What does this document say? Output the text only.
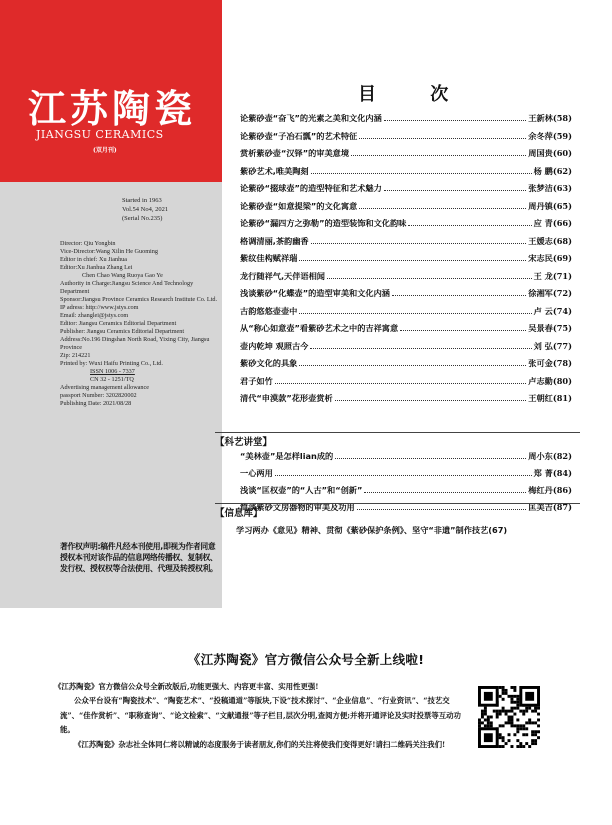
江苏陶瓷
JIANGSU CERAMICS
(双月刊)
Started in 1963
Vol.54 No4, 2021
(Serial No.235)
Director: Qiu Yongbin
Vice-Director:Wang Xilin He Guoming
Editor in chief: Xu Jianhua
Editor:Xu Jianhua Zhang Lei
Chen Chao Wang Ruoya Gao Ye
Authority in Charge:Jiangsu Science And Technology Department
Sponsor:Jiangsu Province Ceramics Research Institute Co. Ltd.
IP adress: http://www.jstys.com
Email: zhanglei@jstys.com
Editor: Jiangsu Ceramics Editorial Department
Publisher: Jiangsu Ceramics Editorial Department
Address:No.196 Dingshan North Road, Yixing City, Jiangsu Province
Zip: 214221
Printed by: Wuxi Haifu Printing Co., Ltd.
ISSN 1006 - 7337
CN 32 - 1251/TQ
Advertising management allowance
passport Number: 3202820002
Publishing Date: 2021/08/28
著作权声明:稿件凡经本刊使用,即视为作者同意授权本刊对该作品的信息网络传播权、复制权、发行权、授权权等合法使用、代理及转授权利。
目 次
论紫砂壶“奋飞”的光素之美和文化内涵	王新林 (58)
论紫砂壶“子冶石瓢”的艺术特征	余冬萍 (59)
赏析紫砂壶“汉铎”的审美意境	周国贵 (60)
紫砂艺术,唯美陶刻	杨 鹏 (62)
论紫砂“掇球壶”的造型特征和艺术魅力	张梦洁 (63)
论紫砂壶“如意提梁”的文化寓意	周丹镇 (65)
论紫砂“漏四方之弥勒”的造型装饰和文化韵味	应 青 (66)
格调清丽,茶韵幽香	王媛志 (68)
紫纹佳构赋祥瑞	宋志民 (69)
龙行随祥气,天伴语相闻	王 龙 (71)
浅谈紫砂“化蝶壶”的造型审美和文化内涵	徐湘军 (72)
古韵悠悠壶壶中	卢 云 (74)
从“称心如意壶”看紫砂艺术之中的吉祥寓意	吴景春 (75)
壶内乾坤 观照古今	刘 弘 (77)
紫砂文化的具象	张可金 (78)
君子如竹	卢志勤 (80)
清代“申漠款”花形壶赏析	王朝红 (81)
【科艺讲堂】
“美林壶”是怎样lian成的	周小东 (82)
一心两用	郑 菁 (84)
浅谈“匡权壶”的“人古”和“创新”	梅红丹 (86)
简谈紫砂文房器物的审美及功用	匡美吉 (87)
【信息库】
学习两办《意见》精神、贯彻《紫砂保护条例》、坚守“非遗”制作技艺(67)
《江苏陶瓷》官方微信公众号全新上线啦!
《江苏陶瓷》官方微信公众号全新改版后,功能更强大、内容更丰富、实用性更强!
公众平台设有“陶瓷技术”、“陶瓷艺术”、“投稿通道”等版块,下设“技术探讨”、“企业信息”、“行业资讯”、“技艺交流”、“佳作赏析”、“职称查询”、“论文检索”、“文献通报”等子栏目,层次分明,查阅方便;并将开通评论及实时投票等互动功能。
《江苏陶瓷》杂志社全体同仁将以精诚的态度服务于读者朋友,你们的关注将使我们变得更好!请扫二维码关注我们!
